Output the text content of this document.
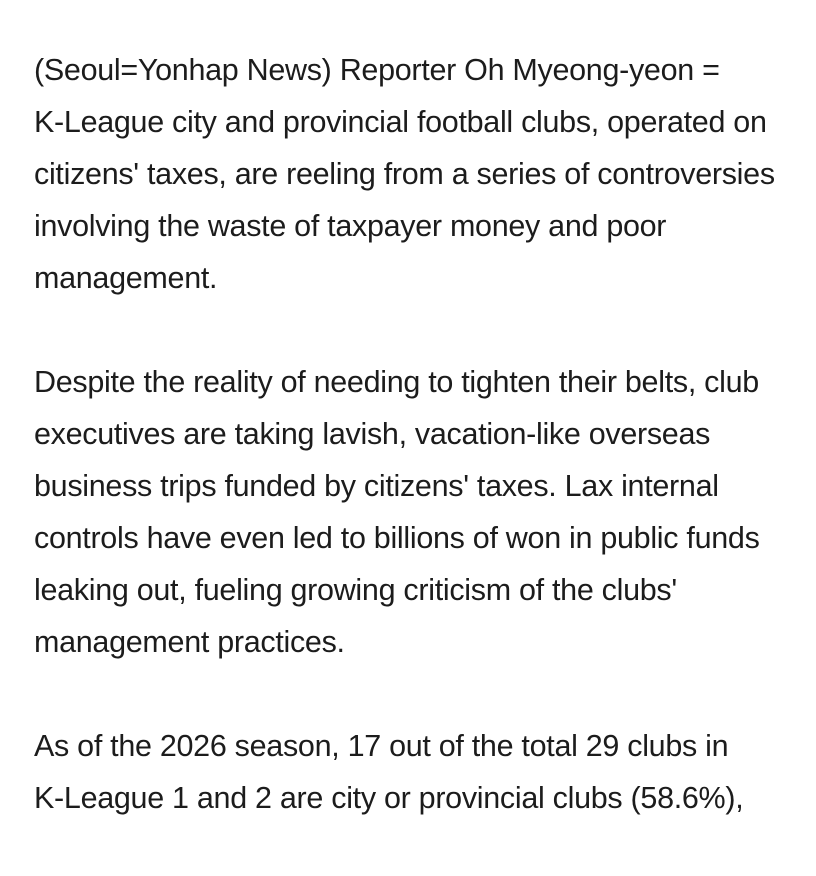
(Seoul=Yonhap News) Reporter Oh Myeong-yeon =
K-League city and provincial football clubs, operated on
citizens' taxes, are reeling from a series of controversies
involving the waste of taxpayer money and poor
management.

Despite the reality of needing to tighten their belts, club
executives are taking lavish, vacation-like overseas
business trips funded by citizens' taxes. Lax internal
controls have even led to billions of won in public funds
leaking out, fueling growing criticism of the clubs'
management practices.

As of the 2026 season, 17 out of the total 29 clubs in
K-League 1 and 2 are city or provincial clubs (58.6%),
